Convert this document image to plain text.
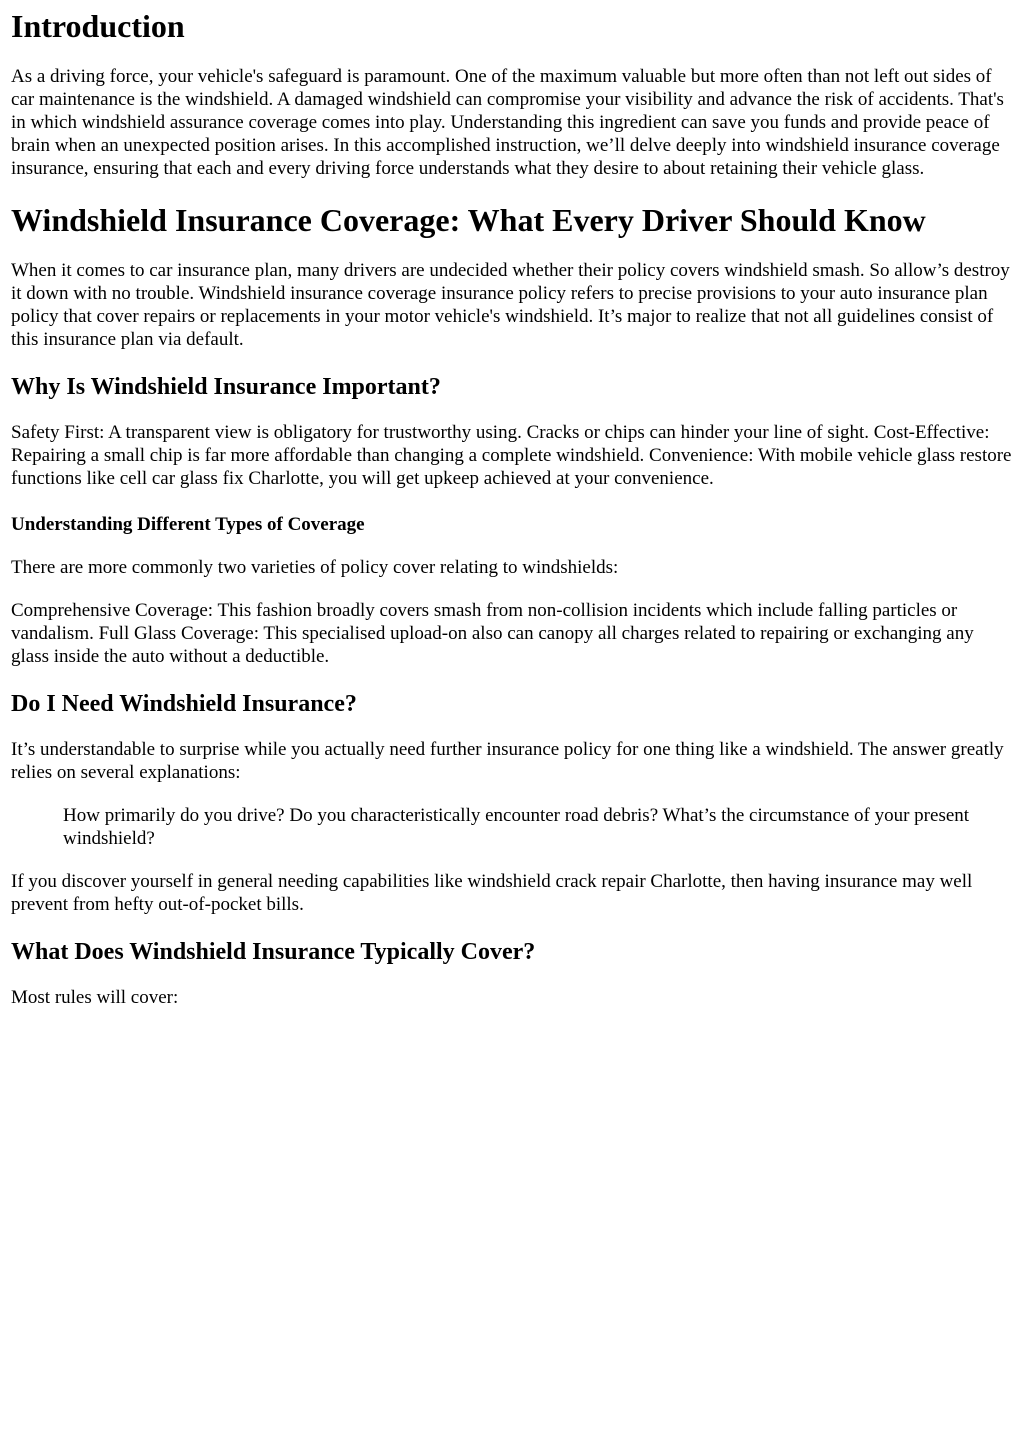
Introduction

As a driving force, your vehicle's safeguard is paramount. One of the maximum valuable but more often than not left out sides of car maintenance is the windshield. A damaged windshield can compromise your visibility and advance the risk of accidents. That's in which windshield assurance coverage comes into play. Understanding this ingredient can save you funds and provide peace of brain when an unexpected position arises. In this accomplished instruction, we’ll delve deeply into windshield insurance coverage insurance, ensuring that each and every driving force understands what they desire to about retaining their vehicle glass.

Windshield Insurance Coverage: What Every Driver Should Know

When it comes to car insurance plan, many drivers are undecided whether their policy covers windshield smash. So allow’s destroy it down with no trouble. Windshield insurance coverage insurance policy refers to precise provisions to your auto insurance plan policy that cover repairs or replacements in your motor vehicle's windshield. It’s major to realize that not all guidelines consist of this insurance plan via default.

Why Is Windshield Insurance Important?

Safety First: A transparent view is obligatory for trustworthy using. Cracks or chips can hinder your line of sight. Cost-Effective: Repairing a small chip is far more affordable than changing a complete windshield. Convenience: With mobile vehicle glass restore functions like cell car glass fix Charlotte, you will get upkeep achieved at your convenience.

Understanding Different Types of Coverage

There are more commonly two varieties of policy cover relating to windshields:

Comprehensive Coverage: This fashion broadly covers smash from non-collision incidents which include falling particles or vandalism. Full Glass Coverage: This specialised upload-on also can canopy all charges related to repairing or exchanging any glass inside the auto without a deductible.

Do I Need Windshield Insurance?

It’s understandable to surprise while you actually need further insurance policy for one thing like a windshield. The answer greatly relies on several explanations:

How primarily do you drive? Do you characteristically encounter road debris? What’s the circumstance of your present windshield?

If you discover yourself in general needing capabilities like windshield crack repair Charlotte, then having insurance may well prevent from hefty out-of-pocket bills.

What Does Windshield Insurance Typically Cover?

Most rules will cover:
